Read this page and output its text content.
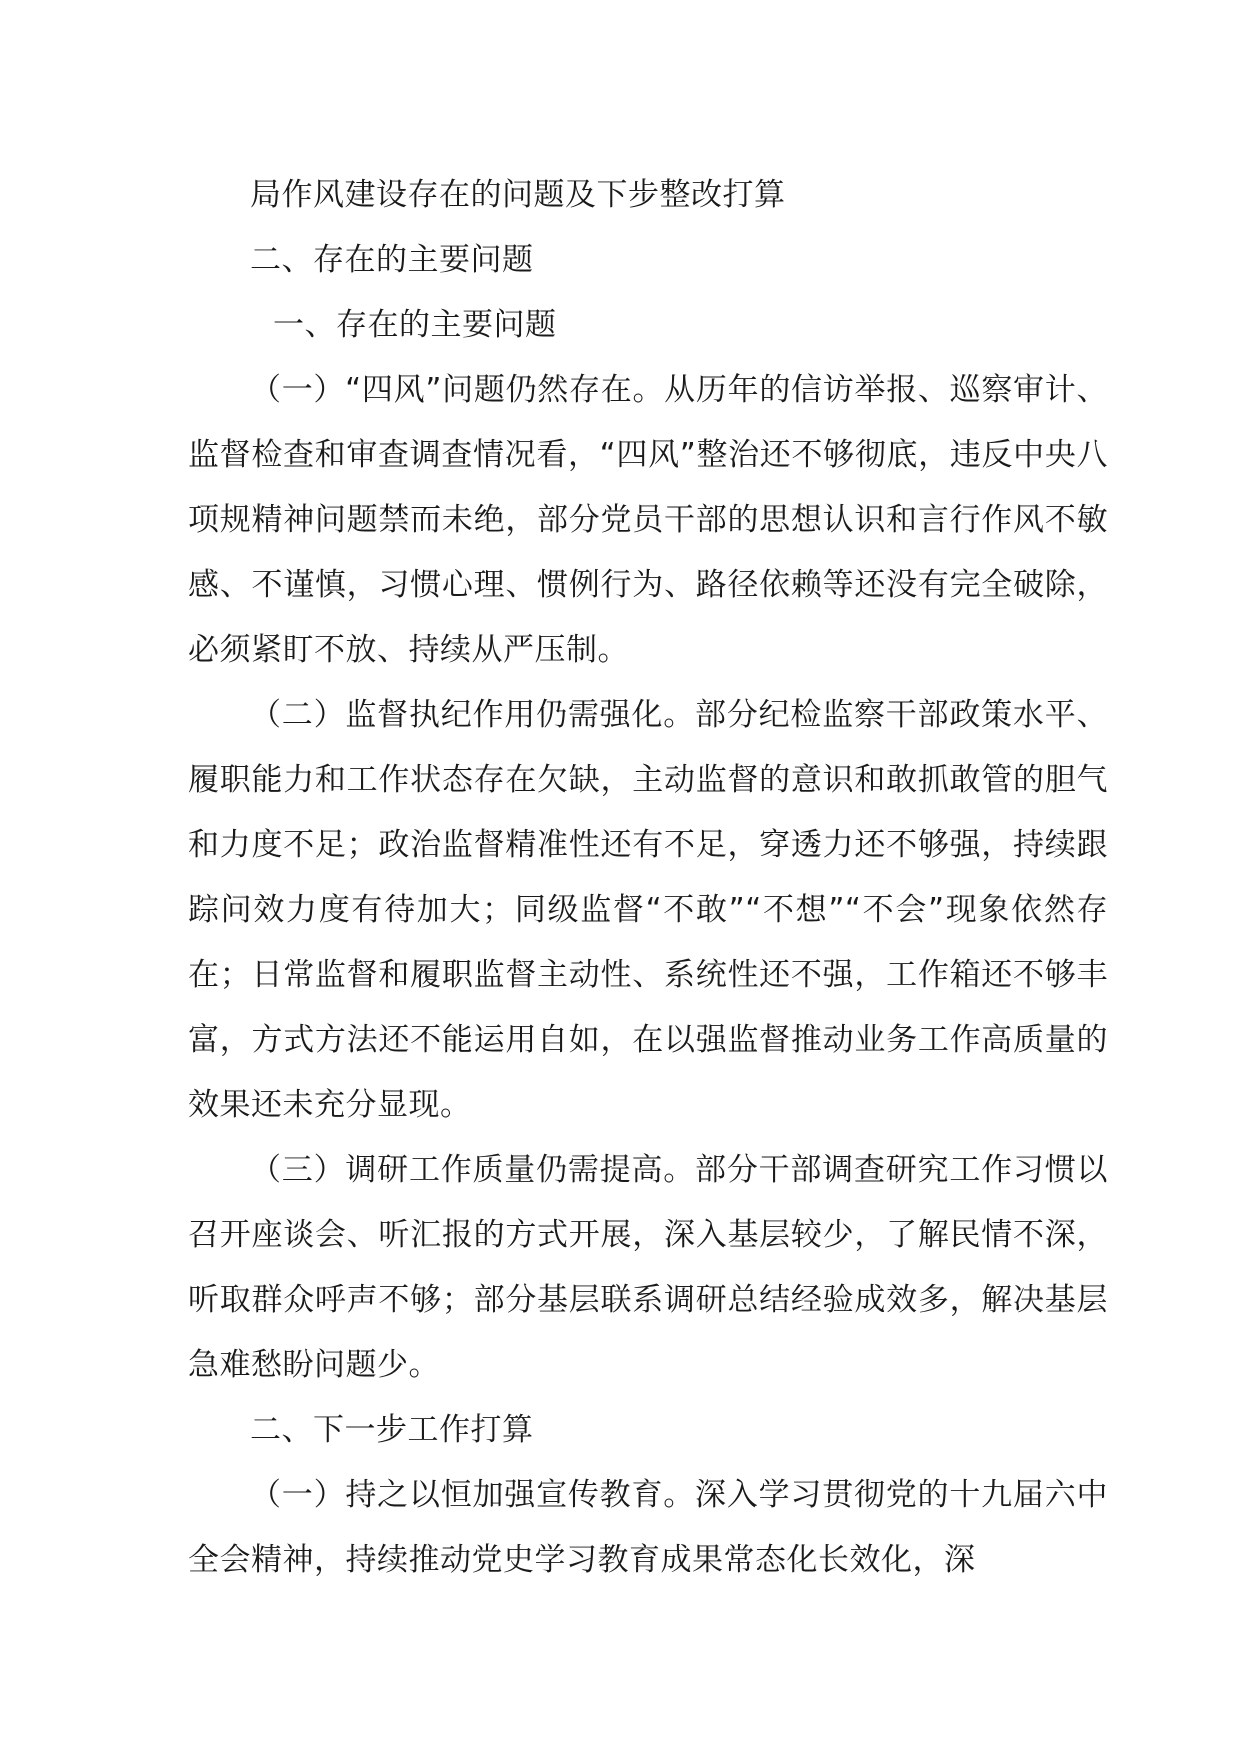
局作风建设存在的问题及下步整改打算
二、存在的主要问题
一、存在的主要问题

（一）“四风”问题仍然存在。从历年的信访举报、巡察审计、监督检查和审查调查情况看，“四风”整治还不够彻底，违反中央八项规精神问题禁而未绝，部分党员干部的思想认识和言行作风不敏感、不谨慎，习惯心理、惯例行为、路径依赖等还没有完全破除，必须紧盯不放、持续从严压制。

（二）监督执纪作用仍需强化。部分纪检监察干部政策水平、履职能力和工作状态存在欠缺，主动监督的意识和敢抓敢管的胆气和力度不足；政治监督精准性还有不足，穿透力还不够强，持续跟踪问效力度有待加大；同级监督“不敢”“不想”“不会”现象依然存在；日常监督和履职监督主动性、系统性还不强，工作箱还不够丰富，方式方法还不能运用自如，在以强监督推动业务工作高质量的效果还未充分显现。

（三）调研工作质量仍需提高。部分干部调查研究工作习惯以召开座谈会、听汇报的方式开展，深入基层较少，了解民情不深，听取群众呼声不够；部分基层联系调研总结经验成效多，解决基层急难愁盼问题少。

二、下一步工作打算

（一）持之以恒加强宣传教育。深入学习贯彻党的十九届六中全会精神，持续推动党史学习教育成果常态化长效化，深
